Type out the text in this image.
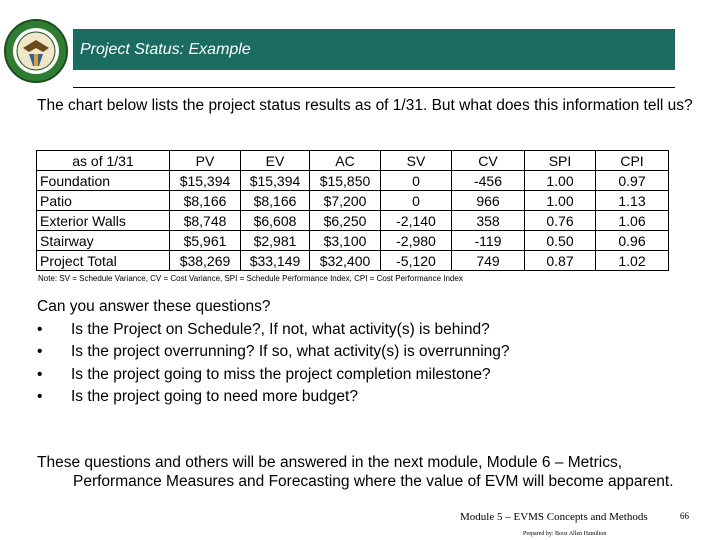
Project Status: Example
The chart below lists the project status results as of 1/31. But what does this information tell us?
as of 1/31	PV	EV	AC	SV	CV	SPI	CPI
Foundation	$15,394	$15,394	$15,850	0	-456	1.00	0.97
Patio	$8,166	$8,166	$7,200	0	966	1.00	1.13
Exterior Walls	$8,748	$6,608	$6,250	-2,140	358	0.76	1.06
Stairway	$5,961	$2,981	$3,100	-2,980	-119	0.50	0.96
Project Total	$38,269	$33,149	$32,400	-5,120	749	0.87	1.02
Note: SV = Schedule Variance, CV = Cost Variance, SPI = Schedule Performance Index, CPI = Cost Performance Index
Can you answer these questions?
• Is the Project on Schedule?, If not, what activity(s) is behind?
• Is the project overrunning? If so, what activity(s) is overrunning?
• Is the project going to miss the project completion milestone?
• Is the project going to need more budget?
These questions and others will be answered in the next module, Module 6 – Metrics, Performance Measures and Forecasting where the value of EVM will become apparent.
Module 5 – EVMS Concepts and Methods	66
Prepared by: Booz Allen Hamilton
